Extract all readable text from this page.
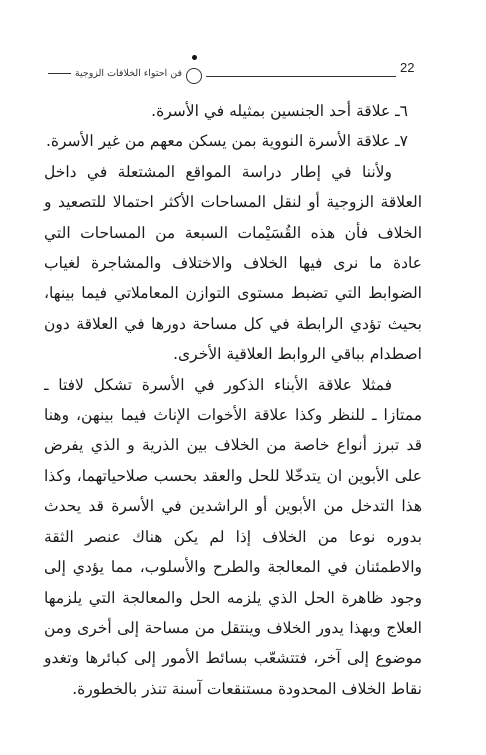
22
فن احتواء الخلافات الزوجية

٦ـ علاقة أحد الجنسين بمثيله في الأسرة.

٧ـ علاقة الأسرة النووية بمن يسكن معهم من غير الأسرة.

ولأننا في إطار دراسة المواقع المشتعلة في داخل العلاقة الزوجية أو لنقل المساحات الأكثر احتمالا للتصعيد و الخلاف فأن هذه القُسَيْمات السبعة من المساحات التي عادة ما نرى فيها الخلاف والاختلاف والمشاجرة لغياب الضوابط التي تضبط مستوى التوازن المعاملاتي فيما بينها، بحيث تؤدي الرابطة في كل مساحة دورها في العلاقة دون اصطدام بباقي الروابط العلاقية الأخرى.

فمثلا علاقة الأبناء الذكور في الأسرة تشكل لافتا ـ ممتازا ـ للنظر وكذا علاقة الأخوات الإناث فيما بينهن، وهنا قد تبرز أنواع خاصة من الخلاف بين الذرية و الذي يفرض على الأبوين ان يتدخّلا للحل والعقد بحسب صلاحياتهما، وكذا هذا التدخل من الأبوين أو الراشدين في الأسرة قد يحدث بدوره نوعا من الخلاف إذا لم يكن هناك عنصر الثقة والاطمئنان في المعالجة والطرح والأسلوب، مما يؤدي إلى وجود ظاهرة الحل الذي يلزمه الحل والمعالجة التي يلزمها العلاج وبهذا يدور الخلاف وينتقل من مساحة إلى أخرى ومن موضوع إلى آخر، فتتشعّب بسائط الأمور إلى كبائرها وتغدو نقاط الخلاف المحدودة مستنقعات آسنة تنذر بالخطورة.
